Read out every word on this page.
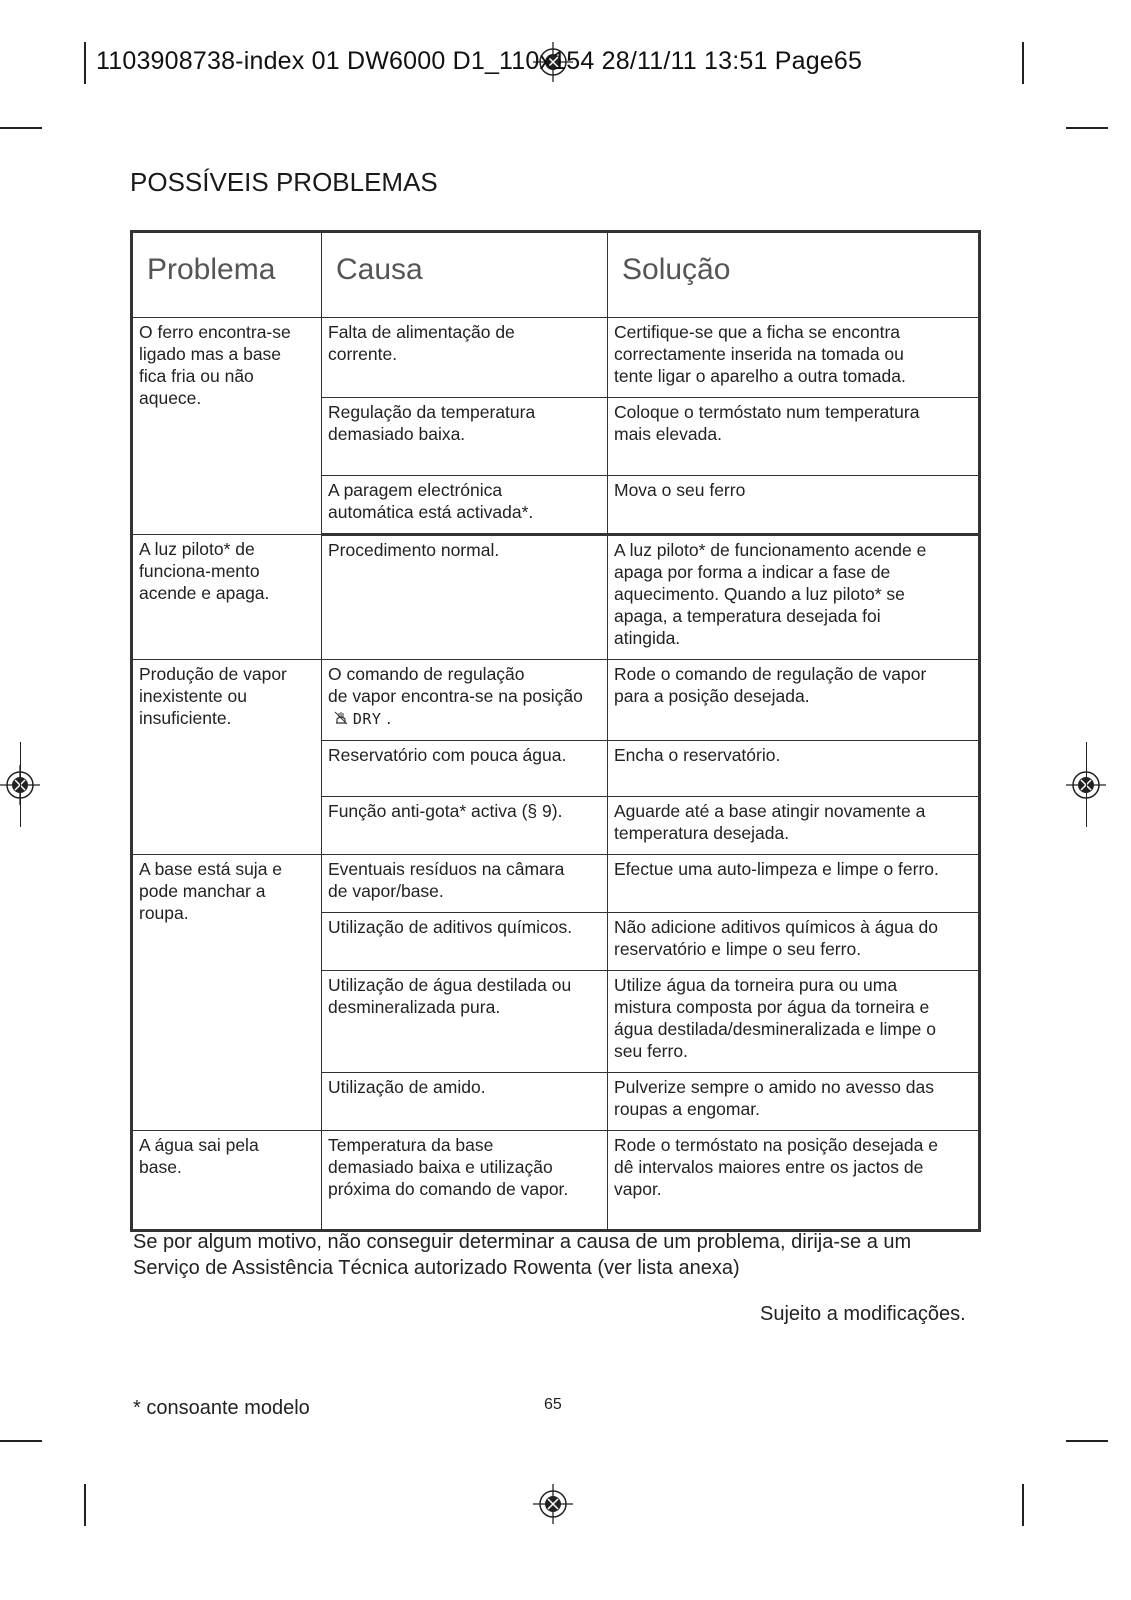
1103908738-index 01 DW6000 D1_110x154 28/11/11 13:51 Page65
POSSÍVEIS PROBLEMAS
Problema	Causa	Solução
O ferro encontra-se
ligado mas a base
fica fria ou não
aquece.	Falta de alimentação de
corrente.	Certifique-se que a ficha se encontra
correctamente inserida na tomada ou
tente ligar o aparelho a outra tomada.
	Regulação da temperatura
demasiado baixa.	Coloque o termóstato num temperatura
mais elevada.
	A paragem electrónica
automática está activada*.	Mova o seu ferro
A luz piloto* de
funciona-mento
acende e apaga.	Procedimento normal.	A luz piloto* de funcionamento acende e
apaga por forma a indicar a fase de
aquecimento. Quando a luz piloto* se
apaga, a temperatura desejada foi
atingida.
Produção de vapor
inexistente ou
insuficiente.	O comando de regulação
de vapor encontra-se na posição
DRY .	Rode o comando de regulação de vapor
para a posição desejada.
	Reservatório com pouca água.	Encha o reservatório.
	Função anti-gota* activa (§ 9).	Aguarde até a base atingir novamente a
temperatura desejada.
A base está suja e
pode manchar a
roupa.	Eventuais resíduos na câmara
de vapor/base.	Efectue uma auto-limpeza e limpe o ferro.
	Utilização de aditivos químicos.	Não adicione aditivos químicos à água do
reservatório e limpe o seu ferro.
	Utilização de água destilada ou
desmineralizada pura.	Utilize água da torneira pura ou uma
mistura composta por água da torneira e
água destilada/desmineralizada e limpe o
seu ferro.
	Utilização de amido.	Pulverize sempre o amido no avesso das
roupas a engomar.
A água sai pela
base.	Temperatura da base
demasiado baixa e utilização
próxima do comando de vapor.	Rode o termóstato na posição desejada e
dê intervalos maiores entre os jactos de
vapor.
Se por algum motivo, não conseguir determinar a causa de um problema, dirija-se a um
Serviço de Assistência Técnica autorizado Rowenta (ver lista anexa)
Sujeito a modificações.
* consoante modelo	65
